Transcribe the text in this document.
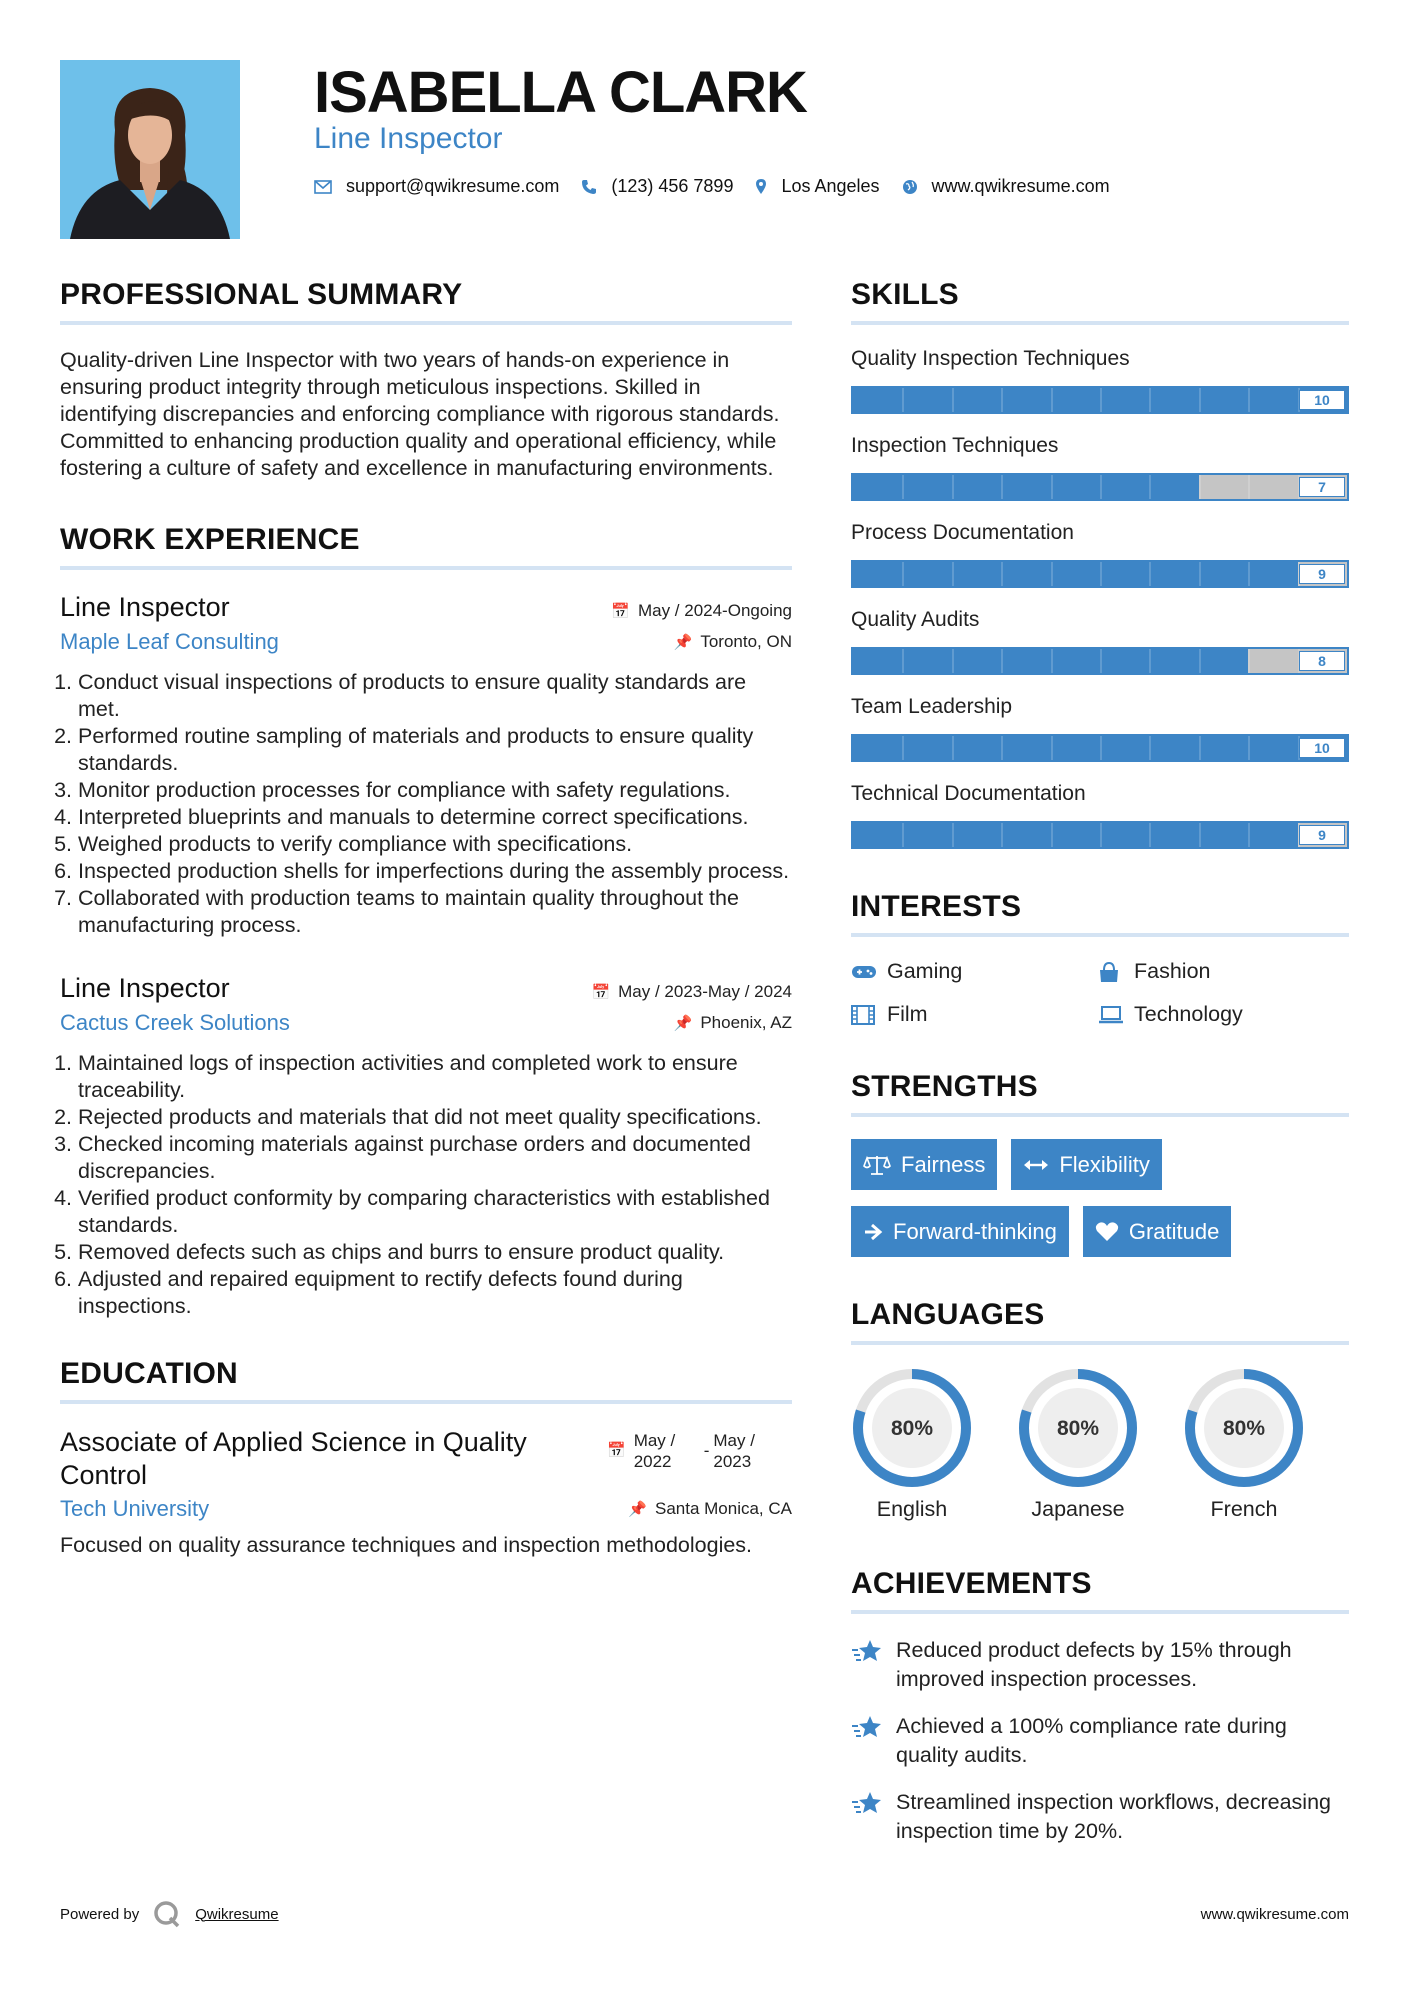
ISABELLA CLARK
Line Inspector
support@qwikresume.com	(123) 456 7899	Los Angeles	www.qwikresume.com
PROFESSIONAL SUMMARY

Quality-driven Line Inspector with two years of hands-on experience in ensuring product integrity through meticulous inspections. Skilled in identifying discrepancies and enforcing compliance with rigorous standards. Committed to enhancing production quality and operational efficiency, while fostering a culture of safety and excellence in manufacturing environments.

WORK EXPERIENCE
Line Inspector	📅 May / 2024-Ongoing
Maple Leaf Consulting	📌 Toronto, ON
1. Conduct visual inspections of products to ensure quality standards are met.
2. Performed routine sampling of materials and products to ensure quality standards.
3. Monitor production processes for compliance with safety regulations.
4. Interpreted blueprints and manuals to determine correct specifications.
5. Weighed products to verify compliance with specifications.
6. Inspected production shells for imperfections during the assembly process.
7. Collaborated with production teams to maintain quality throughout the manufacturing process.
Line Inspector	📅 May / 2023-May / 2024
Cactus Creek Solutions	📌 Phoenix, AZ
1. Maintained logs of inspection activities and completed work to ensure traceability.
2. Rejected products and materials that did not meet quality specifications.
3. Checked incoming materials against purchase orders and documented discrepancies.
4. Verified product conformity by comparing characteristics with established standards.
5. Removed defects such as chips and burrs to ensure product quality.
6. Adjusted and repaired equipment to rectify defects found during inspections.
EDUCATION
Associate of Applied Science in Quality Control
📅
May / 2022
-
May / 2023
Tech University	📌 Santa Monica, CA

Focused on quality assurance techniques and inspection methodologies.

SKILLS
Quality Inspection Techniques
10
Inspection Techniques
7
Process Documentation
9
Quality Audits
8
Team Leadership
10
Technical Documentation
9
INTERESTS
Gaming	Fashion
Film	Technology
STRENGTHS
Fairness	Flexibility
Forward-thinking	Gratitude
LANGUAGES
80%
English
80%
Japanese
80%
French
ACHIEVEMENTS
Reduced product defects by 15% through improved inspection processes.
Achieved a 100% compliance rate during quality audits.
Streamlined inspection workflows, decreasing inspection time by 20%.
Powered by	Qwikresume	www.qwikresume.com
